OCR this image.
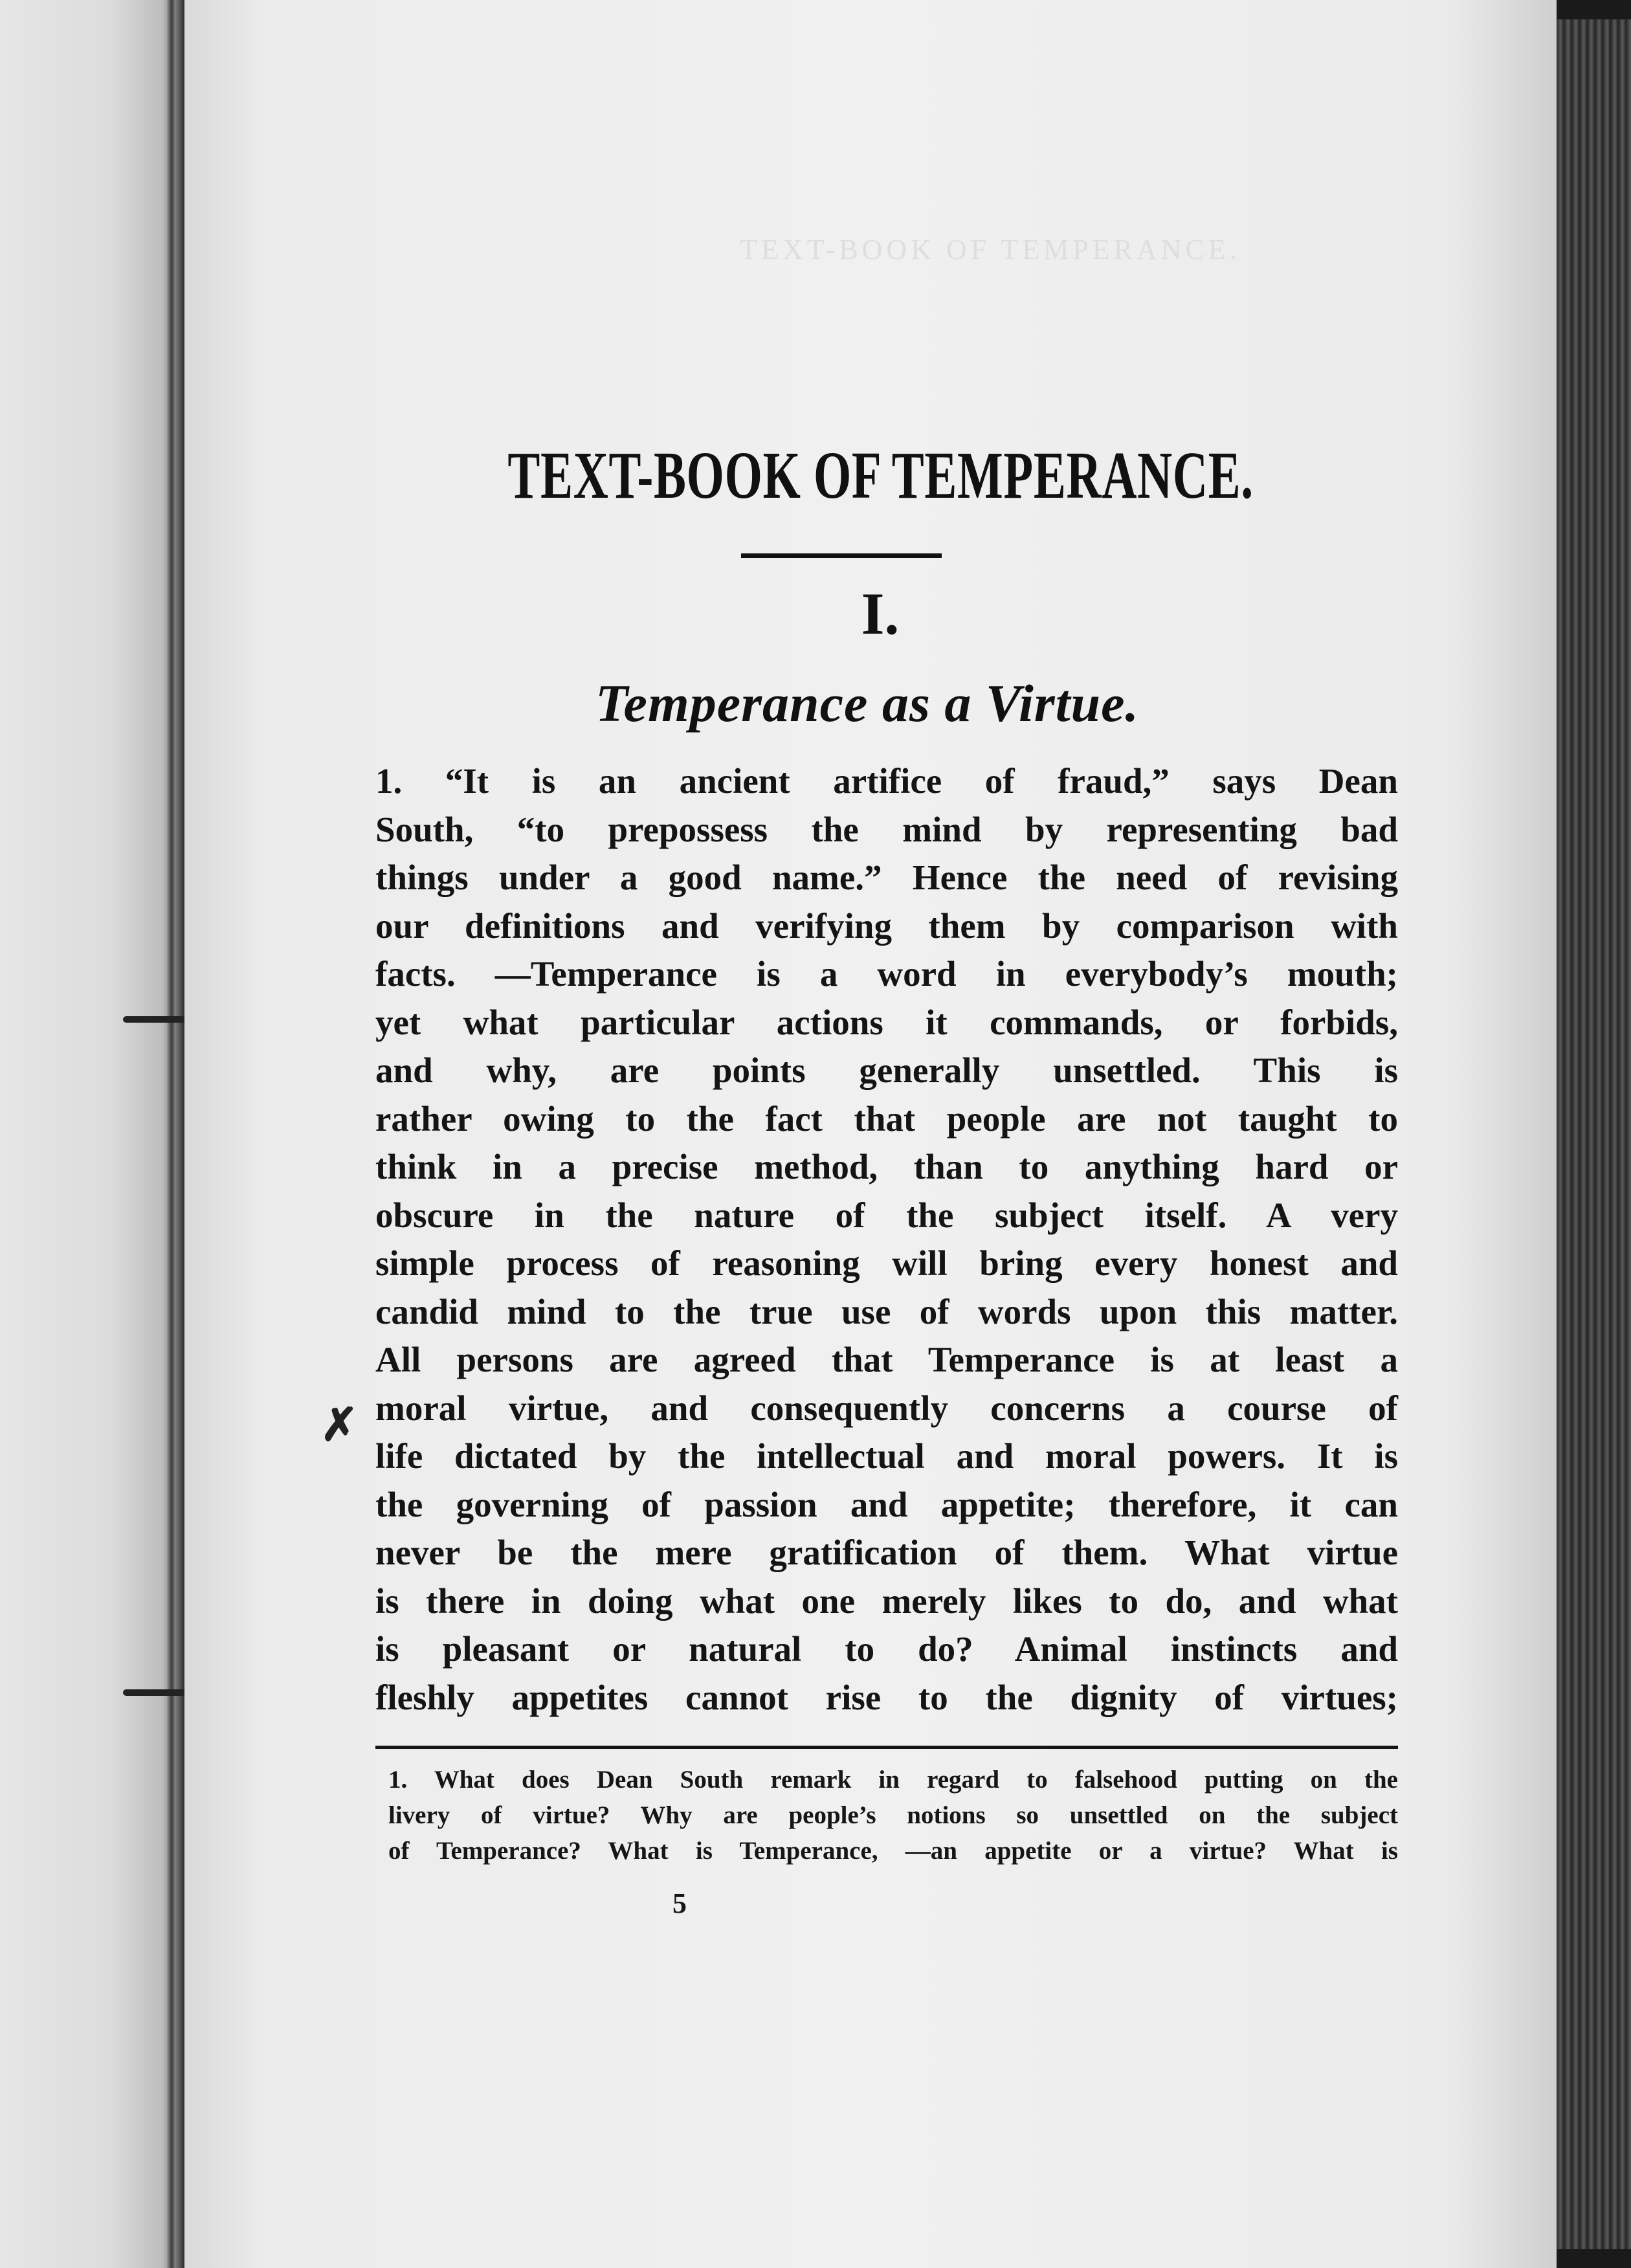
TEXT-BOOK OF TEMPERANCE.
TEXT-BOOK OF TEMPERANCE.
I.
Temperance as a Virtue.
1. “It is an ancient artifice of fraud,” says Dean
South, “to prepossess the mind by representing bad
things under a good name.” Hence the need of revising
our definitions and verifying them by comparison with
facts. —Temperance is a word in everybody’s mouth;
yet what particular actions it commands, or forbids,
and why, are points generally unsettled. This is
rather owing to the fact that people are not taught to
think in a precise method, than to anything hard or
obscure in the nature of the subject itself. A very
simple process of reasoning will bring every honest and
candid mind to the true use of words upon this matter.
All persons are agreed that Temperance is at least a
moral virtue, and consequently concerns a course of
life dictated by the intellectual and moral powers. It is
the governing of passion and appetite; therefore, it can
never be the mere gratification of them. What virtue
is there in doing what one merely likes to do, and what
is pleasant or natural to do? Animal instincts and
fleshly appetites cannot rise to the dignity of virtues;
✗
1. What does Dean South remark in regard to falsehood putting on the
livery of virtue? Why are people’s notions so unsettled on the subject
of Temperance? What is Temperance, —an appetite or a virtue? What is
5
